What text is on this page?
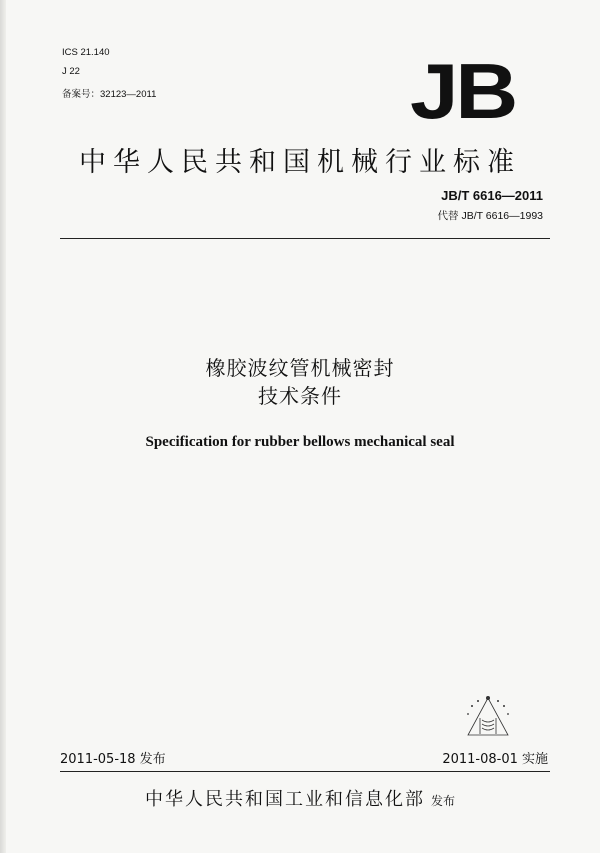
ICS 21.140
J 22
备案号：32123—2011	JB
中华人民共和国机械行业标准
JB/T 6616—2011
代替 JB/T 6616—1993
橡胶波纹管机械密封
技术条件
Specification for rubber bellows mechanical seal
2011-05-18 发布	2011-08-01 实施
中华人民共和国工业和信息化部 发布
